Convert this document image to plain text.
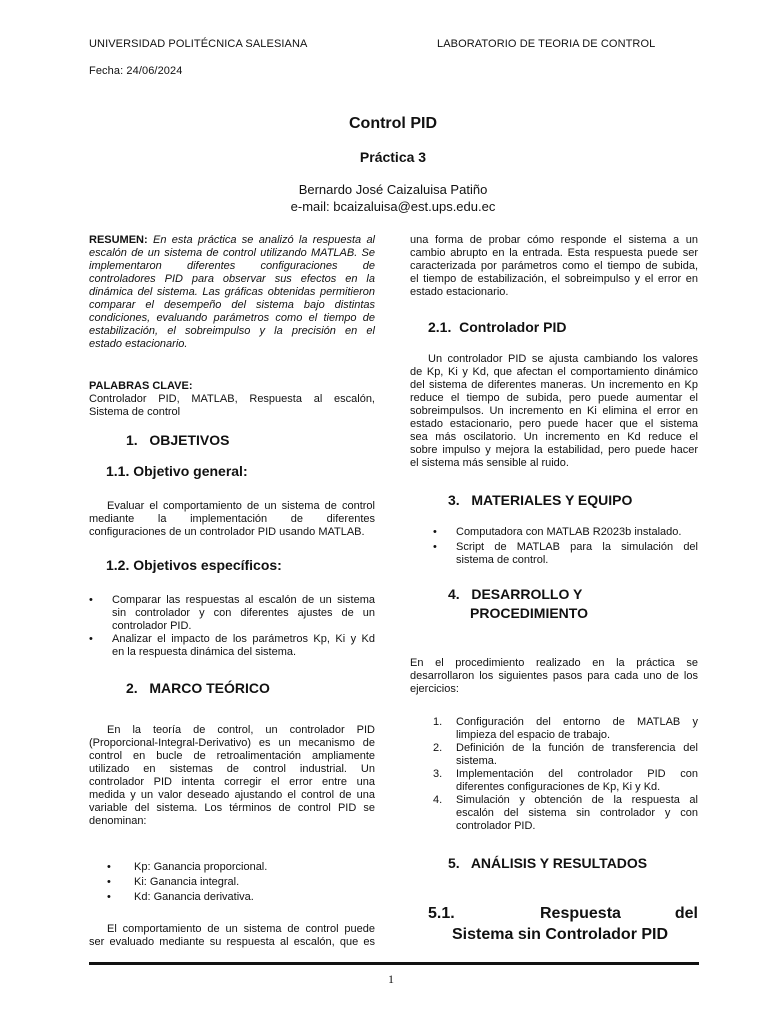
UNIVERSIDAD POLITÉCNICA SALESIANA	LABORATORIO DE TEORIA DE CONTROL
Fecha: 24/06/2024
Control PID
Práctica 3
Bernardo José Caizaluisa Patiño
e-mail: bcaizaluisa@est.ups.edu.ec
RESUMEN: En esta práctica se analizó la respuesta al
escalón de un sistema de control utilizando MATLAB. Se
implementaron diferentes configuraciones de
controladores PID para observar sus efectos en la
dinámica del sistema. Las gráficas obtenidas permitieron
comparar el desempeño del sistema bajo distintas
condiciones, evaluando parámetros como el tiempo de
estabilización, el sobreimpulso y la precisión en el
estado estacionario.
PALABRAS CLAVE:
Controlador PID, MATLAB, Respuesta al escalón,
Sistema de control
1.   OBJETIVOS
1.1. Objetivo general:
Evaluar el comportamiento de un sistema de control
mediante la implementación de diferentes
configuraciones de un controlador PID usando MATLAB.
1.2. Objetivos específicos:
• Comparar las respuestas al escalón de un sistema
sin controlador y con diferentes ajustes de un
controlador PID.
• Analizar el impacto de los parámetros Kp, Ki y Kd
en la respuesta dinámica del sistema.
2.   MARCO TEÓRICO
En la teoría de control, un controlador PID
(Proporcional-Integral-Derivativo) es un mecanismo de
control en bucle de retroalimentación ampliamente
utilizado en sistemas de control industrial. Un
controlador PID intenta corregir el error entre una
medida y un valor deseado ajustando el control de una
variable del sistema. Los términos de control PID se
denominan:
• Kp: Ganancia proporcional.
• Ki: Ganancia integral.
• Kd: Ganancia derivativa.
El comportamiento de un sistema de control puede
ser evaluado mediante su respuesta al escalón, que es
una forma de probar cómo responde el sistema a un
cambio abrupto en la entrada. Esta respuesta puede ser
caracterizada por parámetros como el tiempo de subida,
el tiempo de estabilización, el sobreimpulso y el error en
estado estacionario.
2.1.  Controlador PID
Un controlador PID se ajusta cambiando los valores
de Kp, Ki y Kd, que afectan el comportamiento dinámico
del sistema de diferentes maneras. Un incremento en Kp
reduce el tiempo de subida, pero puede aumentar el
sobreimpulsos. Un incremento en Ki elimina el error en
estado estacionario, pero puede hacer que el sistema
sea más oscilatorio. Un incremento en Kd reduce el
sobre impulso y mejora la estabilidad, pero puede hacer
el sistema más sensible al ruido.
3.   MATERIALES Y EQUIPO
• Computadora con MATLAB R2023b instalado.
• Script de MATLAB para la simulación del
sistema de control.
4.   DESARROLLO Y
PROCEDIMIENTO
En el procedimiento realizado en la práctica se
desarrollaron los siguientes pasos para cada uno de los
ejercicios:
1. Configuración del entorno de MATLAB y
limpieza del espacio de trabajo.
2. Definición de la función de transferencia del
sistema.
3. Implementación del controlador PID con
diferentes configuraciones de Kp, Ki y Kd.
4. Simulación y obtención de la respuesta al
escalón del sistema sin controlador y con
controlador PID.
5.   ANÁLISIS Y RESULTADOS
5.1.	Respuesta del
Sistema sin Controlador PID
1
